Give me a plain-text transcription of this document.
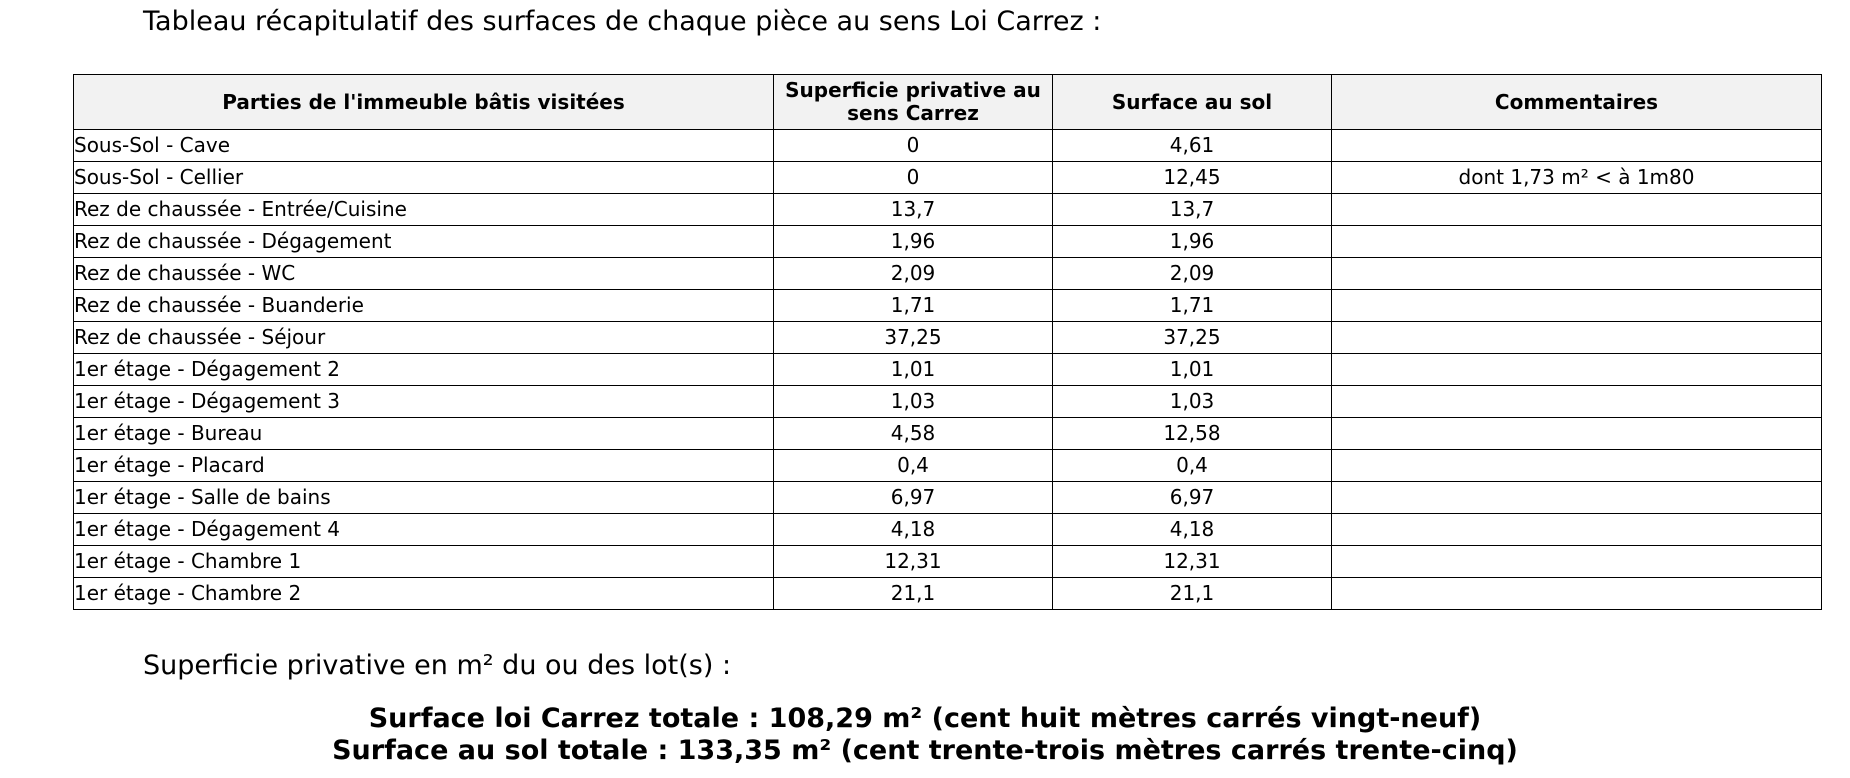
Tableau récapitulatif des surfaces de chaque pièce au sens Loi Carrez :
Parties de l'immeuble bâtis visitées	Superficie privative au sens Carrez	Surface au sol	Commentaires
Sous-Sol - Cave	0	4,61	
Sous-Sol - Cellier	0	12,45	dont 1,73 m² < à 1m80
Rez de chaussée - Entrée/Cuisine	13,7	13,7	
Rez de chaussée - Dégagement	1,96	1,96	
Rez de chaussée - WC	2,09	2,09	
Rez de chaussée - Buanderie	1,71	1,71	
Rez de chaussée - Séjour	37,25	37,25	
1er étage - Dégagement 2	1,01	1,01	
1er étage - Dégagement 3	1,03	1,03	
1er étage - Bureau	4,58	12,58	
1er étage - Placard	0,4	0,4	
1er étage - Salle de bains	6,97	6,97	
1er étage - Dégagement 4	4,18	4,18	
1er étage - Chambre 1	12,31	12,31	
1er étage - Chambre 2	21,1	21,1	
Superficie privative en m² du ou des lot(s) :
Surface loi Carrez totale : 108,29 m² (cent huit mètres carrés vingt-neuf)
Surface au sol totale : 133,35 m² (cent trente-trois mètres carrés trente-cinq)
